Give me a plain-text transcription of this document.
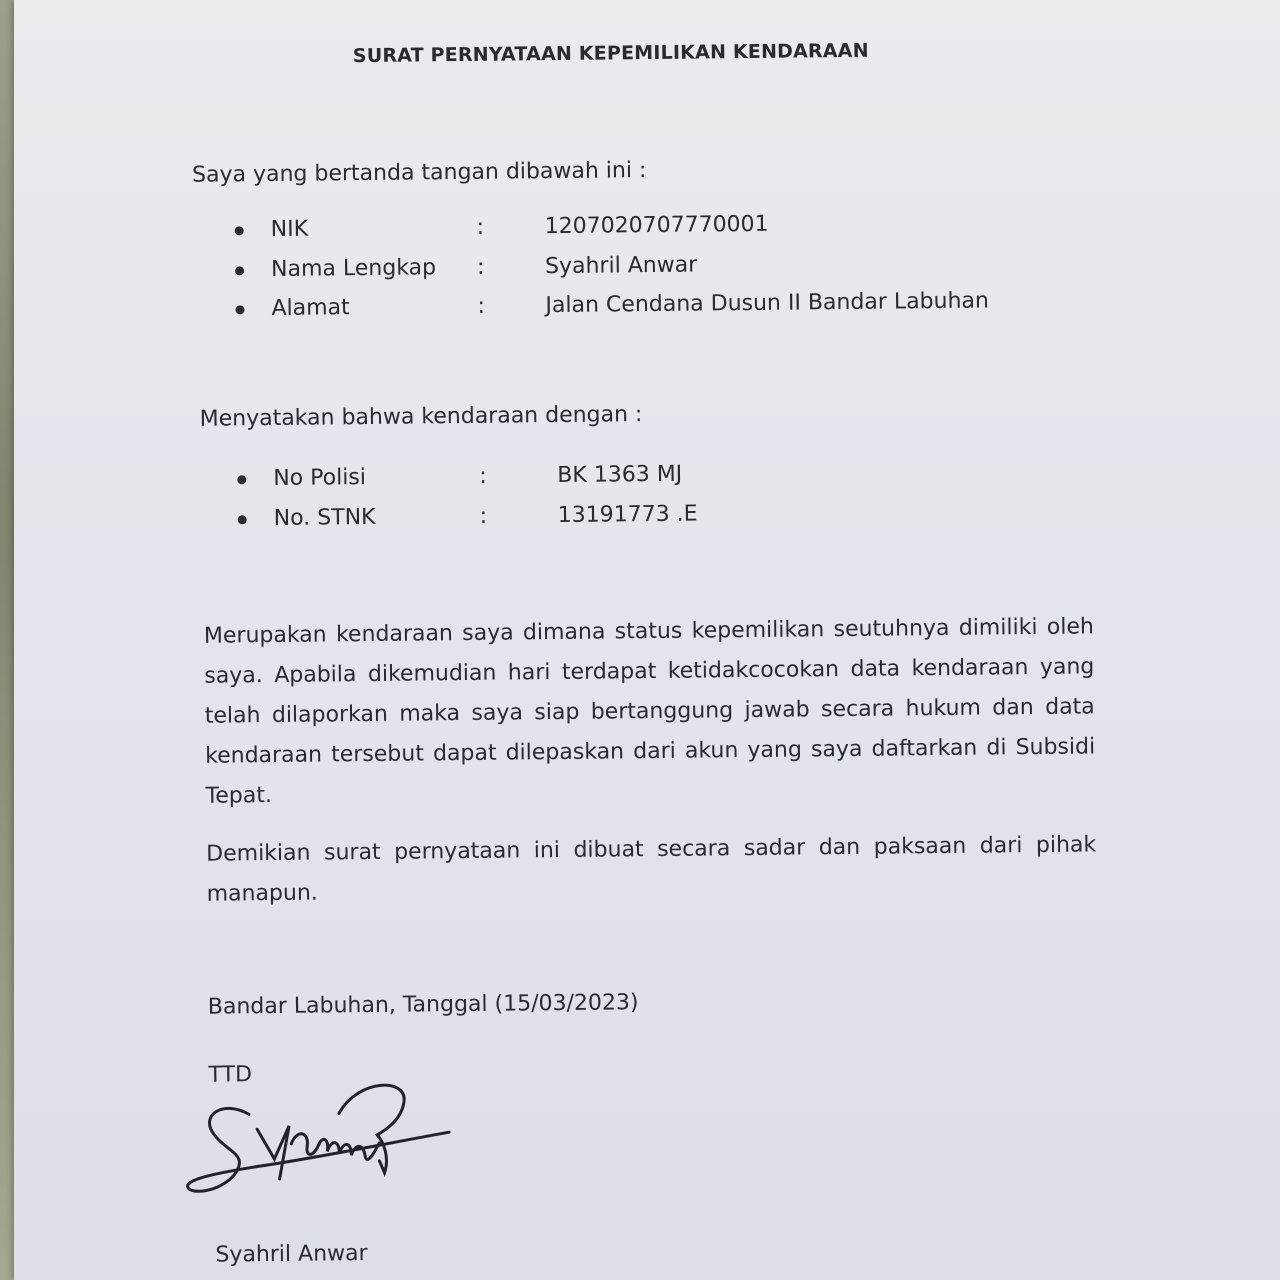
SURAT PERNYATAAN KEPEMILIKAN KENDARAAN
Saya yang bertanda tangan dibawah ini :
NIK	:	1207020707770001
Nama Lengkap :	Syahril Anwar
Alamat	:	Jalan Cendana Dusun II Bandar Labuhan
Menyatakan bahwa kendaraan dengan :
No Polisi	:	BK 1363 MJ
No. STNK	:	13191773 .E
Merupakan kendaraan saya dimana status kepemilikan seutuhnya dimiliki oleh saya. Apabila dikemudian hari terdapat ketidakcocokan data kendaraan yang telah dilaporkan maka saya siap bertanggung jawab secara hukum dan data kendaraan tersebut dapat dilepaskan dari akun yang saya daftarkan di Subsidi Tepat.
Demikian surat pernyataan ini dibuat secara sadar dan paksaan dari pihak manapun.
Bandar Labuhan, Tanggal (15/03/2023)
TTD
Syahril Anwar
